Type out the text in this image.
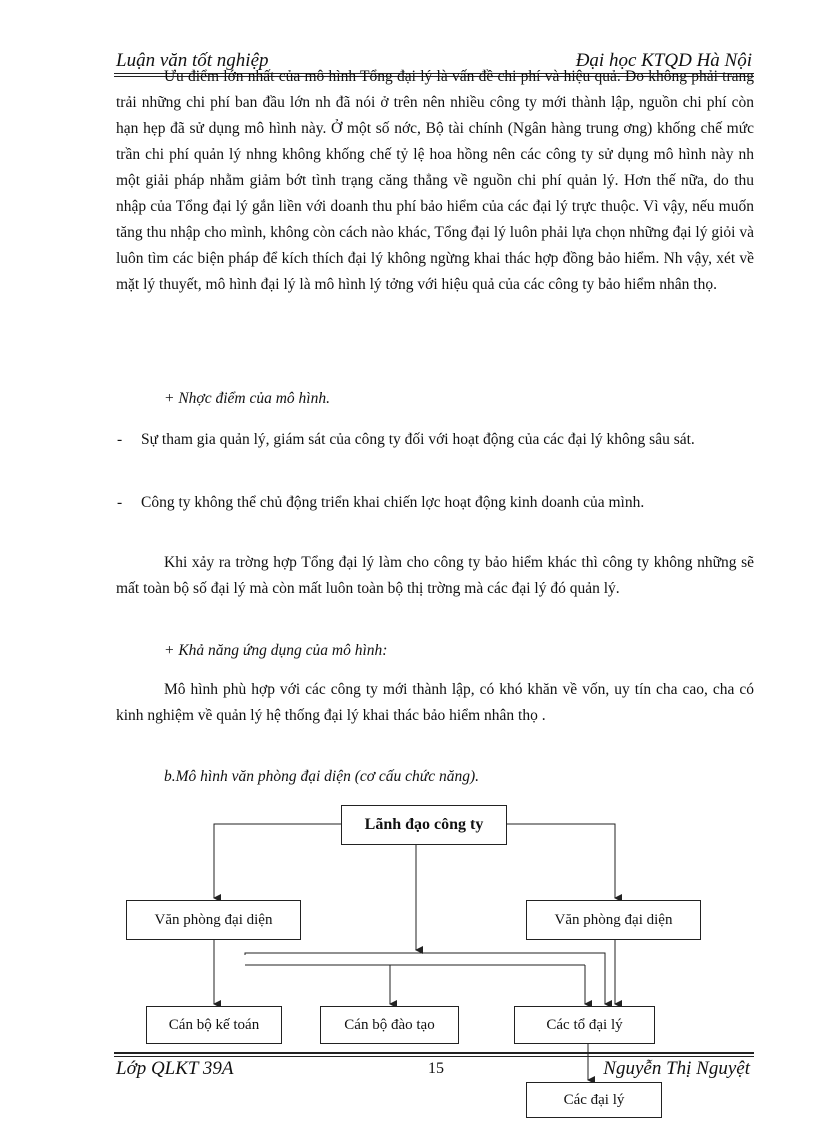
Luận văn tốt nghiệp	Đại học KTQD Hà Nội

Ưu điểm lớn nhất của mô hình Tổng đại lý là vấn đề chi phí và hiệu quả. Do không phải trang trải những chi phí ban đầu lớn nh đã nói ở trên nên nhiều công ty mới thành lập, nguồn chi phí còn hạn hẹp đã sử dụng mô hình này. Ở một số nớc, Bộ tài chính (Ngân hàng trung ơng) khống chế mức trần chi phí quản lý nhng không khống chế tỷ lệ hoa hồng nên các công ty sử dụng mô hình này nh một giải pháp nhằm giảm bớt tình trạng căng thẳng về nguồn chi phí quản lý. Hơn thế nữa, do thu nhập của Tổng đại lý gắn liền với doanh thu phí bảo hiểm của các đại lý trực thuộc. Vì vậy, nếu muốn tăng thu nhập cho mình, không còn cách nào khác, Tổng đại lý luôn phải lựa chọn những đại lý giỏi và luôn tìm các biện pháp để kích thích đại lý không ngừng khai thác hợp đồng bảo hiểm. Nh vậy, xét về mặt lý thuyết, mô hình đại lý là mô hình lý tởng với hiệu quả của các công ty bảo hiểm nhân thọ.

+ Nhợc điểm của mô hình.

- Sự tham gia quản lý, giám sát của công ty đối với hoạt động của các đại lý không sâu sát.

- Công ty không thể chủ động triển khai chiến lợc hoạt động kinh doanh của mình.

Khi xảy ra trờng hợp Tổng đại lý làm cho công ty bảo hiểm khác thì công ty không những sẽ mất toàn bộ số đại lý mà còn mất luôn toàn bộ thị trờng mà các đại lý đó quản lý.

+ Khả năng ứng dụng của mô hình:

Mô hình phù hợp với các công ty mới thành lập, có khó khăn về vốn, uy tín cha cao, cha có kinh nghiệm về quản lý hệ thống đại lý khai thác bảo hiểm nhân thọ .

b.Mô hình văn phòng đại diện (cơ cấu chức năng).

Lãnh đạo công ty
Văn phòng đại diện	Văn phòng đại diện
Cán bộ kế toán	Cán bộ đào tạo	Các tổ đại lý
Lớp QLKT 39A	15	Nguyễn Thị Nguyệt
Các đại lý
